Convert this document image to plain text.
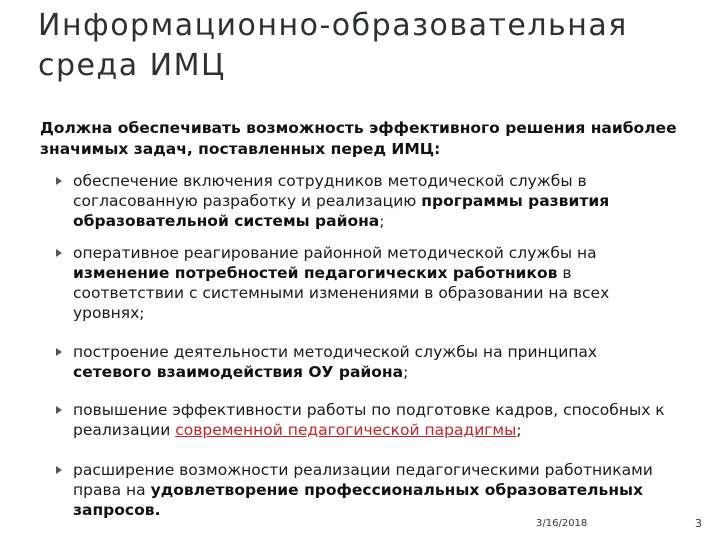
Информационно-образовательная среда ИМЦ
Должна обеспечивать возможность эффективного решения наиболее значимых задач, поставленных перед ИМЦ:
обеспечение включения сотрудников методической службы в согласованную разработку и реализацию программы развития образовательной системы района;
оперативное реагирование районной методической службы на изменение потребностей педагогических работников в соответствии с системными изменениями в образовании на всех уровнях;
построение деятельности методической службы на принципах сетевого взаимодействия ОУ района;
повышение эффективности работы по подготовке кадров, способных к реализации современной педагогической парадигмы;
расширение возможности реализации педагогическими работниками права на удовлетворение профессиональных образовательных запросов.
3/16/2018	3
